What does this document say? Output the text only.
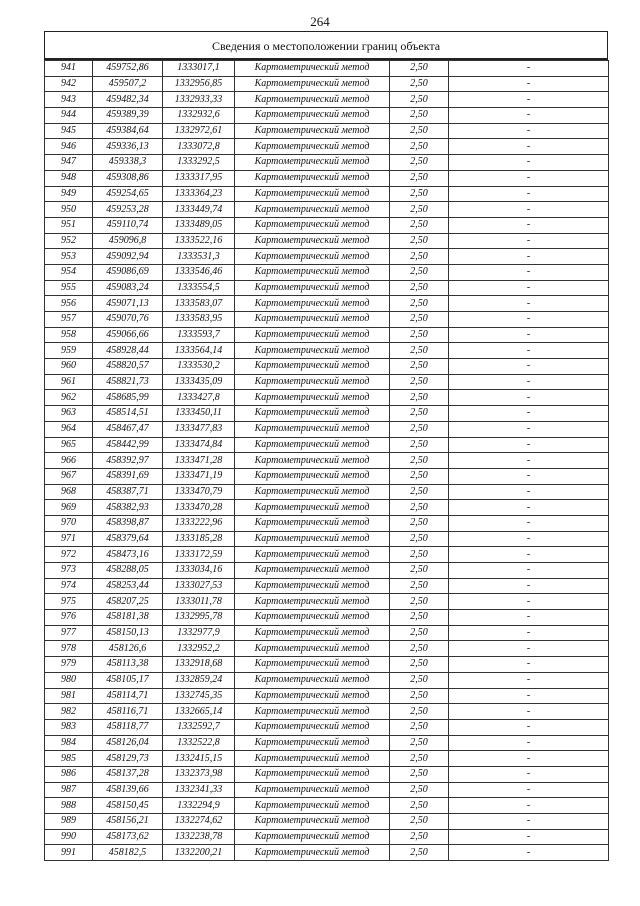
264
Сведения о местоположении границ объекта
941	459752,86	1333017,1	Картометрический метод	2,50	-
942	459507,2	1332956,85	Картометрический метод	2,50	-
943	459482,34	1332933,33	Картометрический метод	2,50	-
944	459389,39	1332932,6	Картометрический метод	2,50	-
945	459384,64	1332972,61	Картометрический метод	2,50	-
946	459336,13	1333072,8	Картометрический метод	2,50	-
947	459338,3	1333292,5	Картометрический метод	2,50	-
948	459308,86	1333317,95	Картометрический метод	2,50	-
949	459254,65	1333364,23	Картометрический метод	2,50	-
950	459253,28	1333449,74	Картометрический метод	2,50	-
951	459110,74	1333489,05	Картометрический метод	2,50	-
952	459096,8	1333522,16	Картометрический метод	2,50	-
953	459092,94	1333531,3	Картометрический метод	2,50	-
954	459086,69	1333546,46	Картометрический метод	2,50	-
955	459083,24	1333554,5	Картометрический метод	2,50	-
956	459071,13	1333583,07	Картометрический метод	2,50	-
957	459070,76	1333583,95	Картометрический метод	2,50	-
958	459066,66	1333593,7	Картометрический метод	2,50	-
959	458928,44	1333564,14	Картометрический метод	2,50	-
960	458820,57	1333530,2	Картометрический метод	2,50	-
961	458821,73	1333435,09	Картометрический метод	2,50	-
962	458685,99	1333427,8	Картометрический метод	2,50	-
963	458514,51	1333450,11	Картометрический метод	2,50	-
964	458467,47	1333477,83	Картометрический метод	2,50	-
965	458442,99	1333474,84	Картометрический метод	2,50	-
966	458392,97	1333471,28	Картометрический метод	2,50	-
967	458391,69	1333471,19	Картометрический метод	2,50	-
968	458387,71	1333470,79	Картометрический метод	2,50	-
969	458382,93	1333470,28	Картометрический метод	2,50	-
970	458398,87	1333222,96	Картометрический метод	2,50	-
971	458379,64	1333185,28	Картометрический метод	2,50	-
972	458473,16	1333172,59	Картометрический метод	2,50	-
973	458288,05	1333034,16	Картометрический метод	2,50	-
974	458253,44	1333027,53	Картометрический метод	2,50	-
975	458207,25	1333011,78	Картометрический метод	2,50	-
976	458181,38	1332995,78	Картометрический метод	2,50	-
977	458150,13	1332977,9	Картометрический метод	2,50	-
978	458126,6	1332952,2	Картометрический метод	2,50	-
979	458113,38	1332918,68	Картометрический метод	2,50	-
980	458105,17	1332859,24	Картометрический метод	2,50	-
981	458114,71	1332745,35	Картометрический метод	2,50	-
982	458116,71	1332665,14	Картометрический метод	2,50	-
983	458118,77	1332592,7	Картометрический метод	2,50	-
984	458126,04	1332522,8	Картометрический метод	2,50	-
985	458129,73	1332415,15	Картометрический метод	2,50	-
986	458137,28	1332373,98	Картометрический метод	2,50	-
987	458139,66	1332341,33	Картометрический метод	2,50	-
988	458150,45	1332294,9	Картометрический метод	2,50	-
989	458156,21	1332274,62	Картометрический метод	2,50	-
990	458173,62	1332238,78	Картометрический метод	2,50	-
991	458182,5	1332200,21	Картометрический метод	2,50	-
